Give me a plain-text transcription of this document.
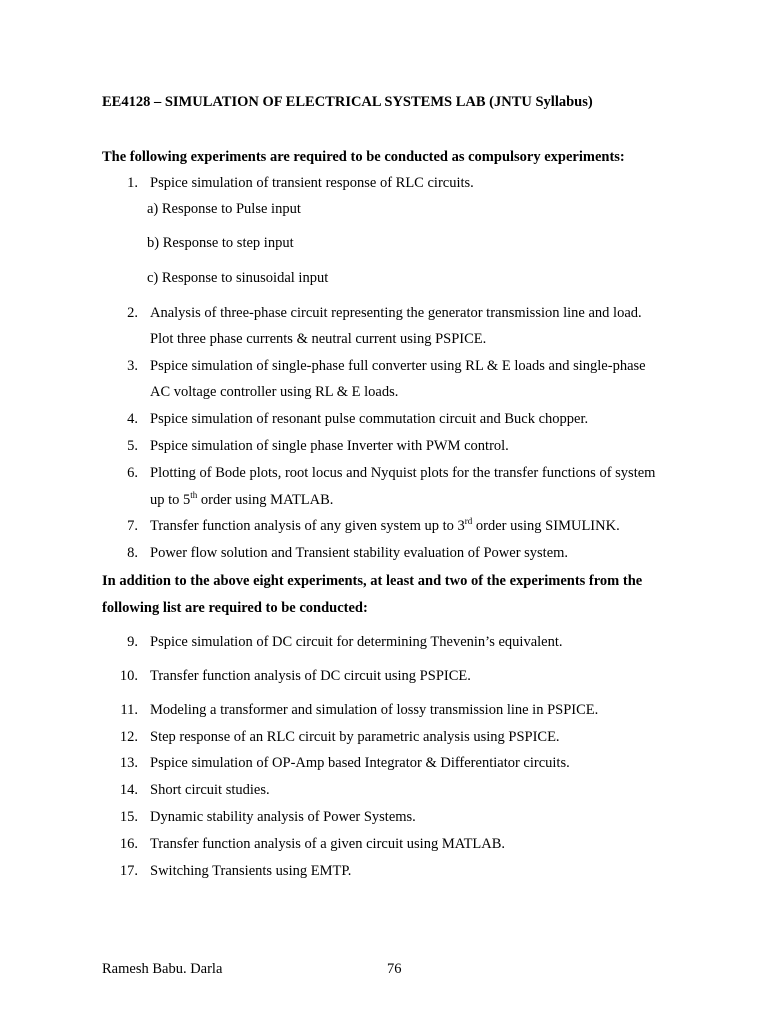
EE4128 – SIMULATION OF ELECTRICAL SYSTEMS LAB (JNTU Syllabus)
The following experiments are required to be conducted as compulsory experiments:
1. Pspice simulation of transient response of RLC circuits.
a) Response to Pulse input
b) Response to step input
c) Response to sinusoidal input
2. Analysis of three-phase circuit representing the generator transmission line and load.
Plot three phase currents & neutral current using PSPICE.
3. Pspice simulation of single-phase full converter using RL & E loads and single-phase
AC voltage controller using RL & E loads.
4. Pspice simulation of resonant pulse commutation circuit and Buck chopper.
5. Pspice simulation of single phase Inverter with PWM control.
6. Plotting of Bode plots, root locus and Nyquist plots for the transfer functions of system
up to 5th order using MATLAB.
7. Transfer function analysis of any given system up to 3rd order using SIMULINK.
8. Power flow solution and Transient stability evaluation of Power system.
In addition to the above eight experiments, at least and two of the experiments from the
following list are required to be conducted:
9. Pspice simulation of DC circuit for determining Thevenin’s equivalent.
10. Transfer function analysis of DC circuit using PSPICE.
11. Modeling a transformer and simulation of lossy transmission line in PSPICE.
12. Step response of an RLC circuit by parametric analysis using PSPICE.
13. Pspice simulation of OP-Amp based Integrator & Differentiator circuits.
14. Short circuit studies.
15. Dynamic stability analysis of Power Systems.
16. Transfer function analysis of a given circuit using MATLAB.
17. Switching Transients using EMTP.
Ramesh Babu. Darla	76
